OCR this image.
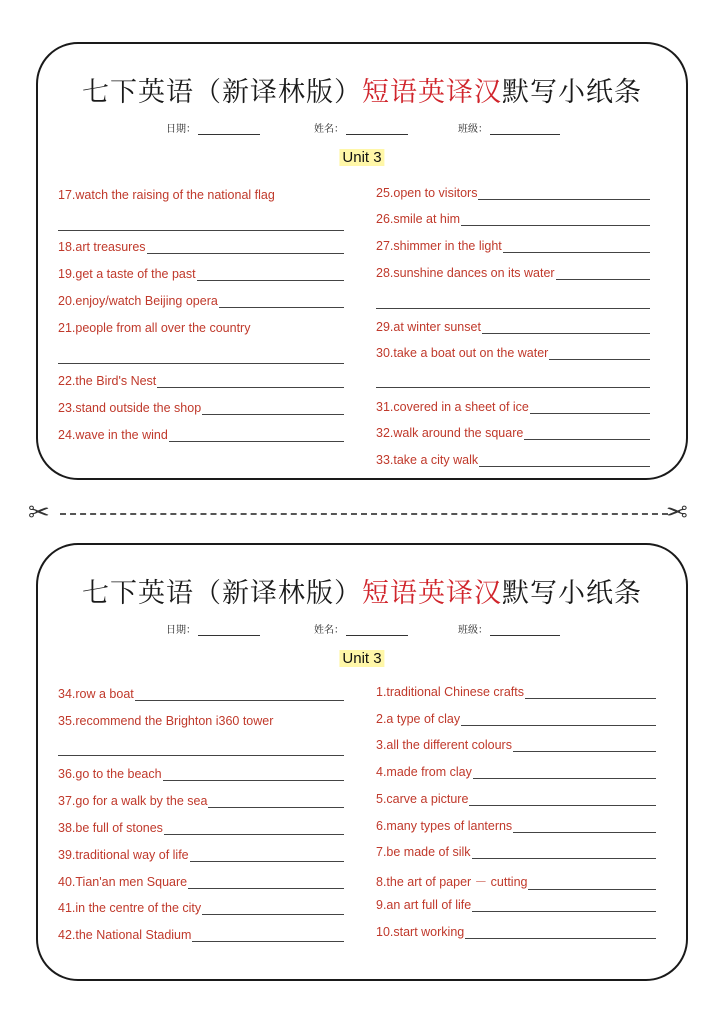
七下英语（新译林版）短语英译汉默写小纸条
日期：	姓名：	班级：
Unit 3
17.watch the raising of the national flag
18.art treasures
19.get a taste of the past
20.enjoy/watch Beijing opera
21.people from all over the country
22.the Bird's Nest
23.stand outside the shop
24.wave in the wind
25.open to visitors
26.smile at him
27.shimmer in the light
28.sunshine dances on its water
29.at winter sunset
30.take a boat out on the water
31.covered in a sheet of ice
32.walk around the square
33.take a city walk
✂	✂
七下英语（新译林版）短语英译汉默写小纸条
日期：	姓名：	班级：
Unit 3
34.row a boat
35.recommend the Brighton i360 tower
36.go to the beach
37.go for a walk by the sea
38.be full of stones
39.traditional way of life
40.Tian'an men Square
41.in the centre of the city
42.the National Stadium
1.traditional Chinese crafts
2.a type of clay
3.all the different colours
4.made from clay
5.carve a picture
6.many types of lanterns
7.be made of silk
8.the art of paper － cutting
9.an art full of life
10.start working
